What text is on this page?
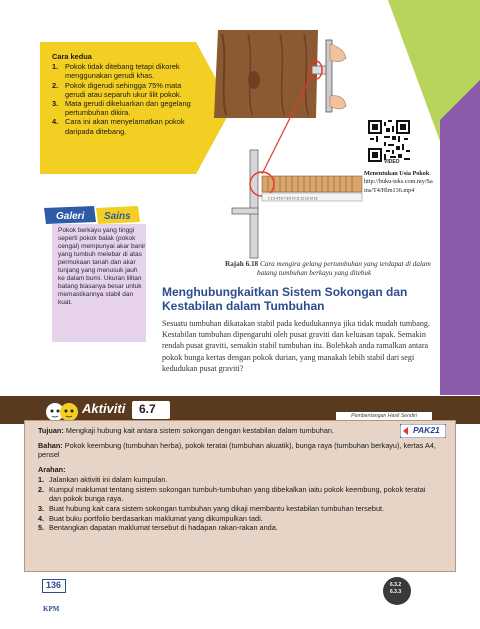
1 2 3 4 5 6 7 8 9 10 11 12 13 14 15
Cara kedua
1. Pokok tidak ditebang tetapi dikorek menggunakan gerudi khas.
2. Pokok digerudi sehingga 75% mata gerudi atau separuh ukur lilit pokok.
3. Mata gerudi dikeluarkan dan gegelang pertumbuhan dikira.
4. Cara ini akan menyelamatkan pokok daripada ditebang.
Galeri Sains
Pokok berkayu yang tinggi seperti pokok balak (pokok cengal) mempunyai akar banir yang tumbuh melebar di atas permukaan tanah dan akar tunjang yang menusuk jauh ke dalam bumi. Ukuran lilitan batang biasanya besar untuk memastikannya stabil dan kuat.
VIDEO
Menentukan Usia Pokok
http://buku-teks.com.my/Sains/T4/Hlm136.mp4
Rajah 6.18 Cara mengira gelang pertumbuhan yang terdapat di dalam
batang tumbuhan berkayu yang ditebuk
Menghubungkaitkan Sistem Sokongan dan Kestabilan dalam Tumbuhan
Sesuatu tumbuhan dikatakan stabil pada kedudukannya jika tidak mudah tumbang. Kestabilan tumbuhan dipengaruhi oleh pusat graviti dan keluasan tapak. Semakin rendah pusat graviti, semakin stabil tumbuhan itu. Bolehkah anda ramalkan antara pokok bunga kertas dengan pokok durian, yang manakah lebih stabil dari segi kedudukan pusat graviti?
Aktiviti 6.7	Pembentangan Hasil Sendiri
PAK21

Tujuan: Mengkaji hubung kait antara sistem sokongan dengan kestabilan dalam tumbuhan.

Bahan: Pokok keembung (tumbuhan herba), pokok teratai (tumbuhan akuatik), bunga raya (tumbuhan berkayu), kertas A4, pensel

Arahan:

1. Jalankan aktiviti ini dalam kumpulan.
2. Kumpul maklumat tentang sistem sokongan tumbuh-tumbuhan yang dibekalkan iaitu pokok keembung, pokok teratai dan pokok bunga raya.
3. Buat hubung kait cara sistem sokongan tumbuhan yang dikaji membantu kestabilan tumbuhan tersebut.
4. Buat buku portfolio berdasarkan maklumat yang dikumpulkan tadi.
5. Bentangkan dapatan maklumat tersebut di hadapan rakan-rakan anda.
136
KPM
6.3.2
6.3.3
